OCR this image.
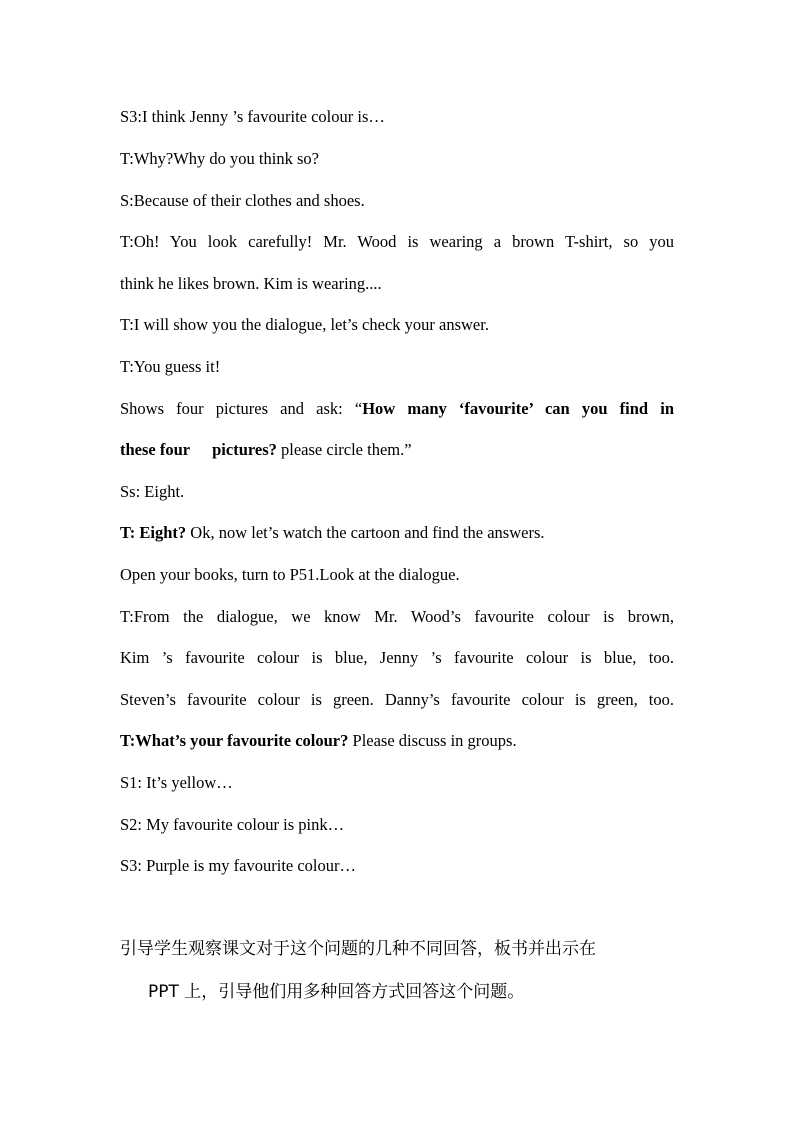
S3:I think Jenny ’s favourite colour is…
T:Why?Why do you think so?
S:Because of their clothes and shoes.
T:Oh! You look carefully! Mr. Wood is wearing a brown T-shirt, so you
think he likes brown. Kim is wearing....
T:I will show you the dialogue, let’s check your answer.
T:You guess it!
Shows four pictures and ask: “How many ‘favourite’ can you find in
these four pictures? please circle them.”
Ss: Eight.
T: Eight? Ok, now let’s watch the cartoon and find the answers.
Open your books, turn to P51.Look at the dialogue.
T:From the dialogue, we know Mr. Wood’s favourite colour is brown,
Kim ’s favourite colour is blue, Jenny ’s favourite colour is blue, too.
Steven’s favourite colour is green. Danny’s favourite colour is green, too.
T:What’s your favourite colour? Please discuss in groups.
S1: It’s yellow…
S2: My favourite colour is pink…
S3: Purple is my favourite colour…
引导学生观察课文对于这个问题的几种不同回答，板书并出示在
PPT 上，引导他们用多种回答方式回答这个问题。
